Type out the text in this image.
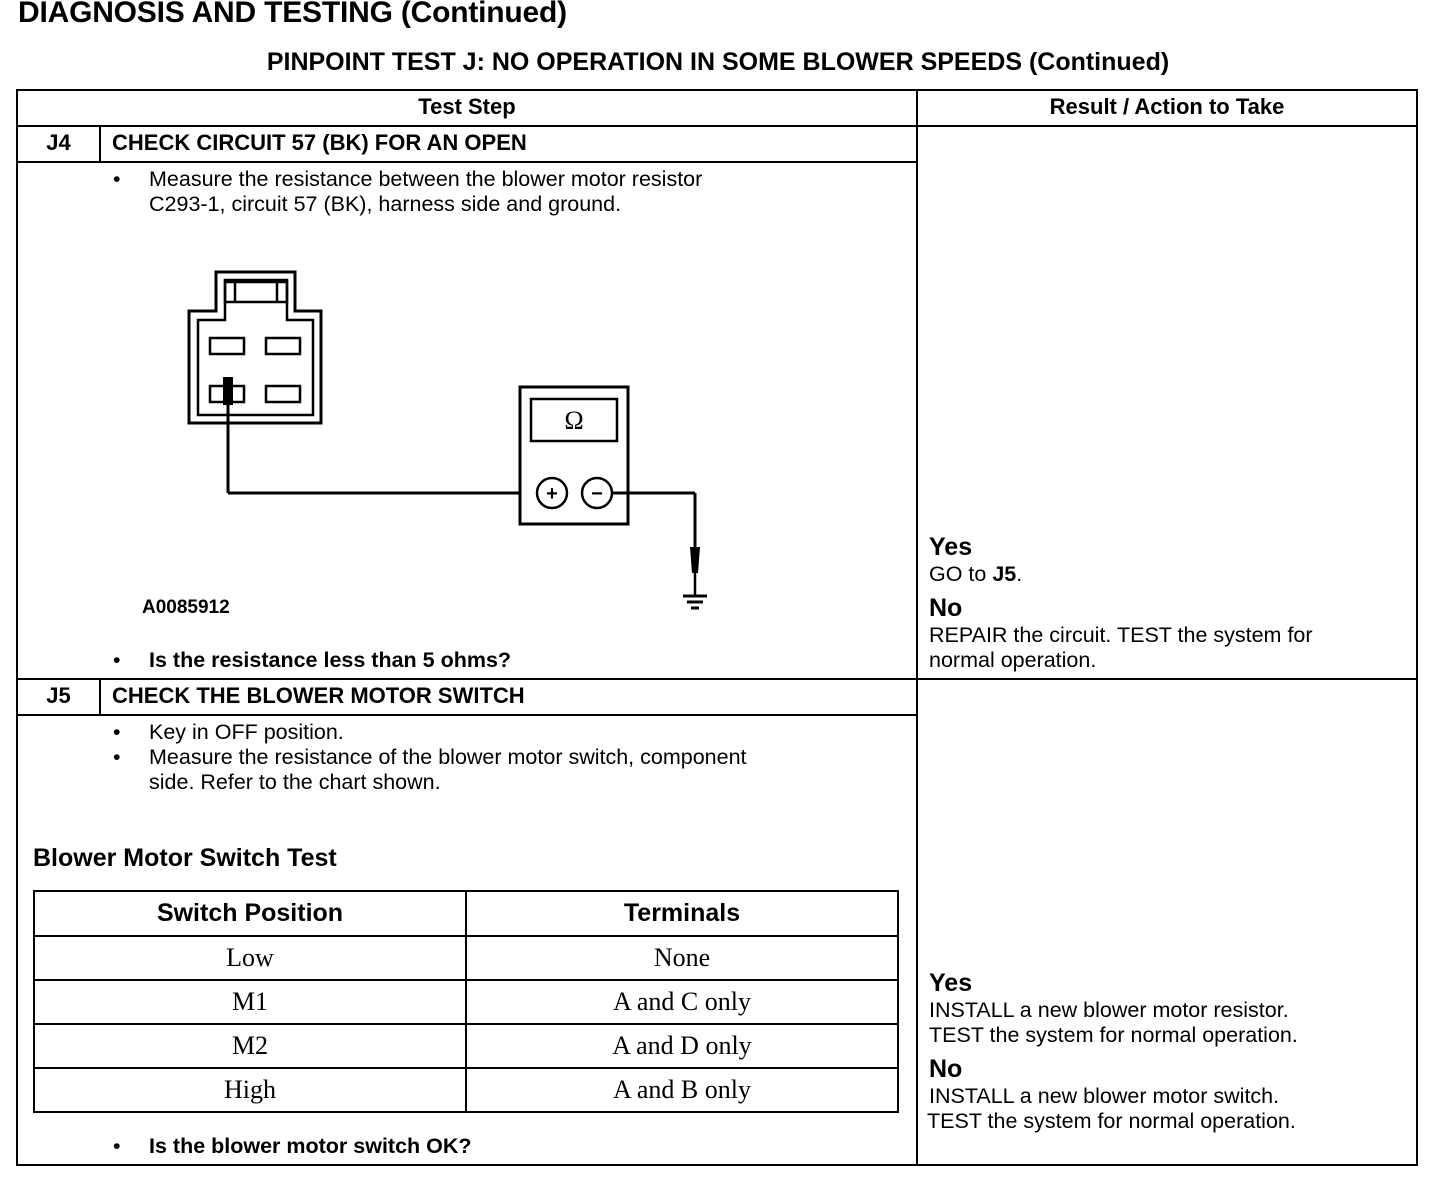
DIAGNOSIS AND TESTING (Continued)
PINPOINT TEST J: NO OPERATION IN SOME BLOWER SPEEDS (Continued)
Test Step	Result / Action to Take
J4	CHECK CIRCUIT 57 (BK) FOR AN OPEN
•	Measure the resistance between the blower motor resistor
C293-1, circuit 57 (BK), harness side and ground.
Ω
+ −
A0085912
•	Is the resistance less than 5 ohms?
Yes
GO to J5.
No
REPAIR the circuit. TEST the system for
normal operation.
J5	CHECK THE BLOWER MOTOR SWITCH
•	Key in OFF position.
•	Measure the resistance of the blower motor switch, component
side. Refer to the chart shown.
Blower Motor Switch Test
Switch Position	Terminals
Low	None
M1	A and C only
M2	A and D only
High	A and B only
•	Is the blower motor switch OK?
Yes
INSTALL a new blower motor resistor.
TEST the system for normal operation.
No
INSTALL a new blower motor switch.
TEST the system for normal operation.
